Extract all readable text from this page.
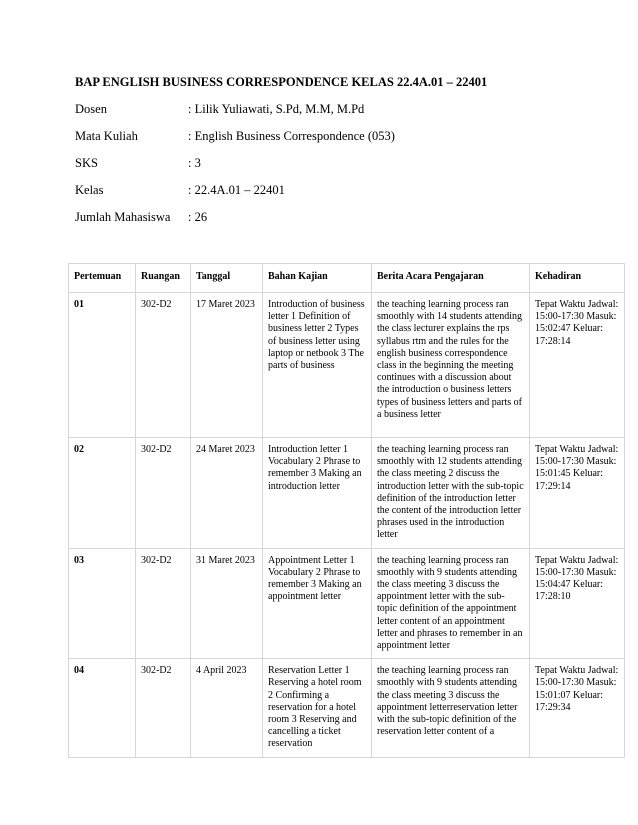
BAP ENGLISH BUSINESS CORRESPONDENCE KELAS 22.4A.01 – 22401
Dosen	: Lilik Yuliawati, S.Pd, M.M, M.Pd
Mata Kuliah	: English Business Correspondence (053)
SKS	: 3
Kelas	: 22.4A.01 – 22401
Jumlah Mahasiswa : 26
Pertemuan	Ruangan	Tanggal	Bahan Kajian	Berita Acara Pengajaran	Kehadiran
01	302-D2	17 Maret 2023	Introduction of business letter 1 Definition of business letter 2 Types of business letter using laptop or netbook 3 The parts of business	the teaching learning process ran smoothly with 14 students attending the class lecturer explains the rps syllabus rtm and the rules for the english business correspondence class in the beginning the meeting continues with a discussion about the introduction o business letters types of business letters and parts of a business letter	Tepat Waktu Jadwal: 15:00-17:30 Masuk: 15:02:47 Keluar: 17:28:14
02	302-D2	24 Maret 2023	Introduction letter 1 Vocabulary 2 Phrase to remember 3 Making an introduction letter	the teaching learning process ran smoothly with 12 students attending the class meeting 2 discuss the introduction letter with the sub-topic definition of the introduction letter the content of the introduction letter phrases used in the introduction letter	Tepat Waktu Jadwal: 15:00-17:30 Masuk: 15:01:45 Keluar: 17:29:14
03	302-D2	31 Maret 2023	Appointment Letter 1 Vocabulary 2 Phrase to remember 3 Making an appointment letter	the teaching learning process ran smoothly with 9 students attending the class meeting 3 discuss the appointment letter with the sub-topic definition of the appointment letter content of an appointment letter and phrases to remember in an appointment letter	Tepat Waktu Jadwal: 15:00-17:30 Masuk: 15:04:47 Keluar: 17:28:10
04	302-D2	4 April 2023	Reservation Letter 1 Reserving a hotel room 2 Confirming a reservation for a hotel room 3 Reserving and cancelling a ticket reservation	the teaching learning process ran smoothly with 9 students attending the class meeting 3 discuss the appointment letterreservation letter with the sub-topic definition of the reservation letter content of a	Tepat Waktu Jadwal: 15:00-17:30 Masuk: 15:01:07 Keluar: 17:29:34
